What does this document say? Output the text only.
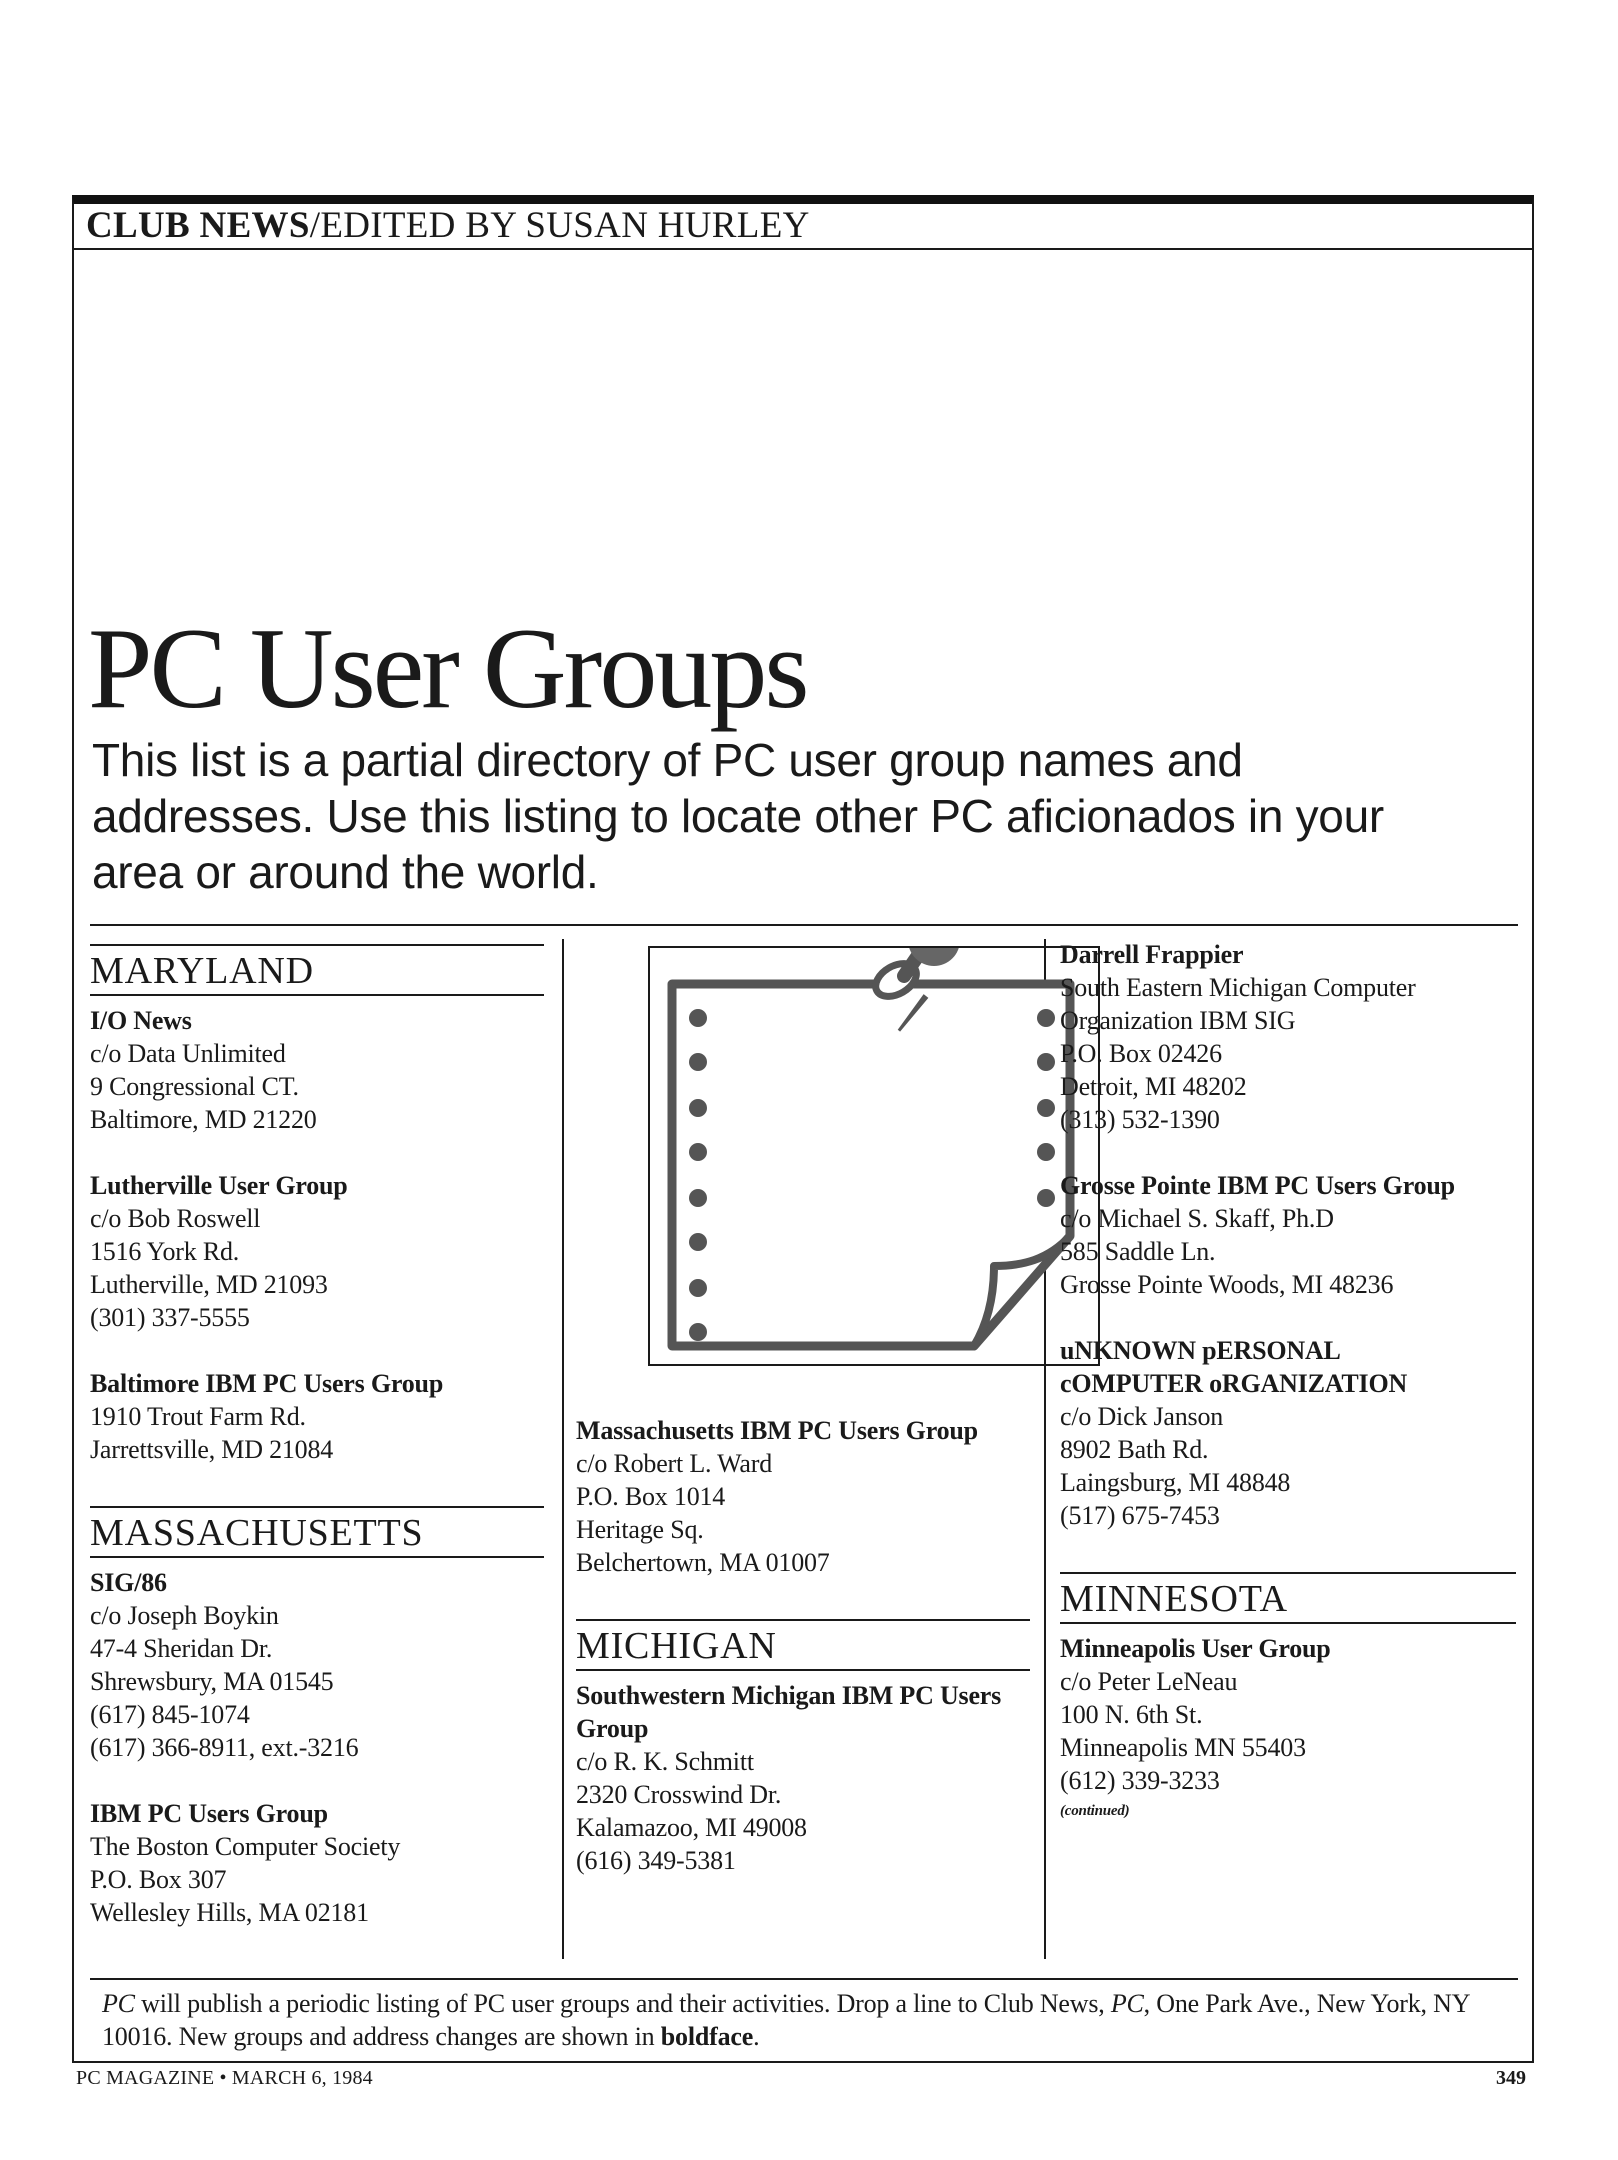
CLUB NEWS/EDITED BY SUSAN HURLEY
PC User Groups

This list is a partial directory of PC user group names and addresses. Use this listing to locate other PC aficionados in your area or around the world.

MARYLAND
I/O News
c/o Data Unlimited
9 Congressional CT.
Baltimore, MD 21220
Lutherville User Group
c/o Bob Roswell
1516 York Rd.
Lutherville, MD 21093
(301) 337-5555
Baltimore IBM PC Users Group
1910 Trout Farm Rd.
Jarrettsville, MD 21084
MASSACHUSETTS
SIG/86
c/o Joseph Boykin
47-4 Sheridan Dr.
Shrewsbury, MA 01545
(617) 845-1074
(617) 366-8911, ext.-3216
IBM PC Users Group
The Boston Computer Society
P.O. Box 307
Wellesley Hills, MA 02181
Massachusetts IBM PC Users Group
c/o Robert L. Ward
P.O. Box 1014
Heritage Sq.
Belchertown, MA 01007
MICHIGAN
Southwestern Michigan IBM PC Users Group
c/o R. K. Schmitt
2320 Crosswind Dr.
Kalamazoo, MI 49008
(616) 349-5381
Darrell Frappier
South Eastern Michigan Computer
Organization IBM SIG
P.O. Box 02426
Detroit, MI 48202
(313) 532-1390
Grosse Pointe IBM PC Users Group
c/o Michael S. Skaff, Ph.D
585 Saddle Ln.
Grosse Pointe Woods, MI 48236
uNKNOWN pERSONAL cOMPUTER oRGANIZATION
c/o Dick Janson
8902 Bath Rd.
Laingsburg, MI 48848
(517) 675-7453
MINNESOTA
Minneapolis User Group
c/o Peter LeNeau
100 N. 6th St.
Minneapolis MN 55403
(612) 339-3233
(continued)

PC will publish a periodic listing of PC user groups and their activities. Drop a line to Club News, PC, One Park Ave., New York, NY 10016. New groups and address changes are shown in boldface.

PC MAGAZINE • MARCH 6, 1984	349
